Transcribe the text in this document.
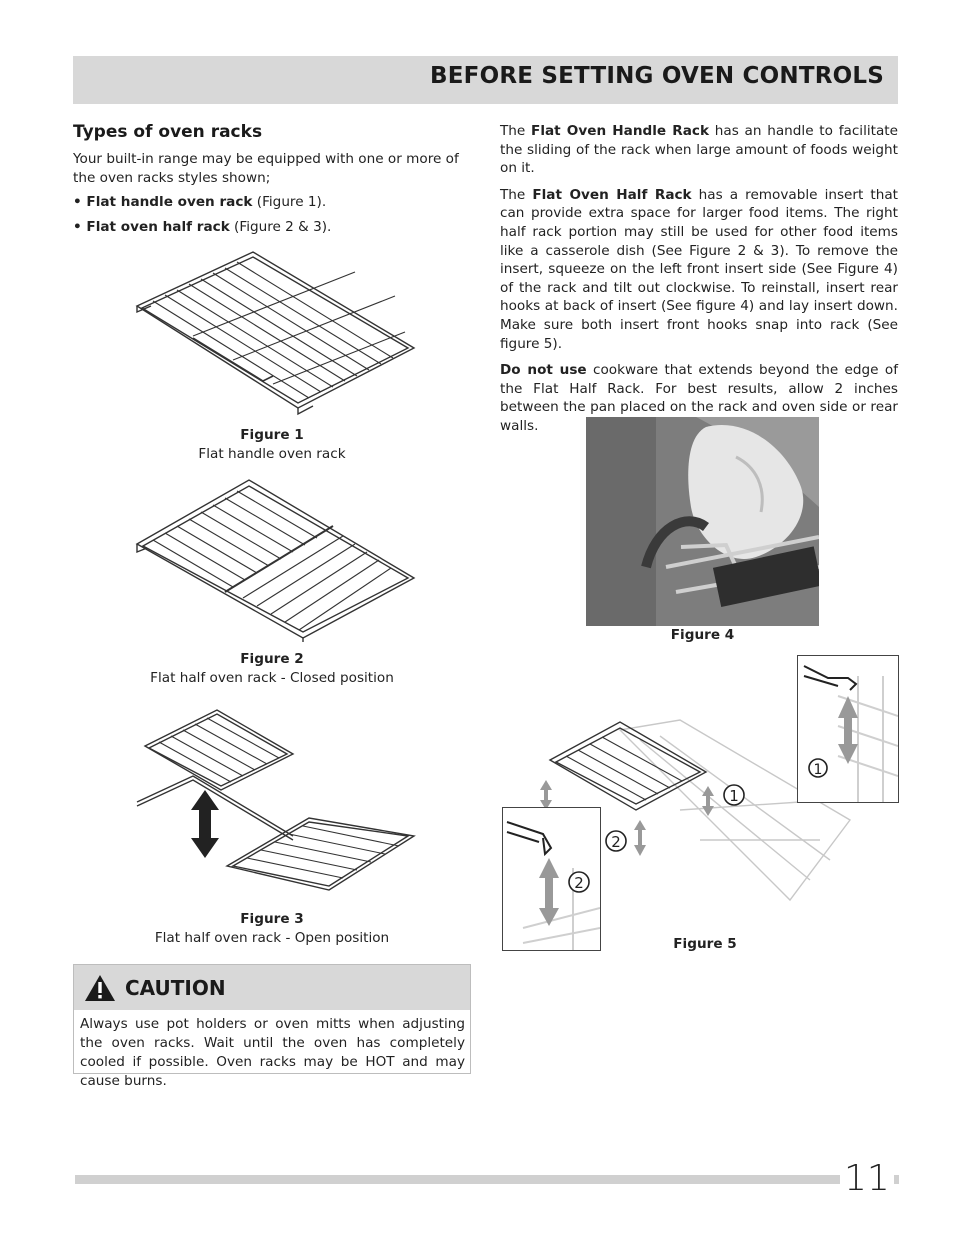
BEFORE SETTING OVEN CONTROLS
Types of oven racks

Your built-in range may be equipped with one or more of the oven racks styles shown;

• Flat handle oven rack (Figure 1).
• Flat oven half rack (Figure 2 & 3).
Figure 1
Flat handle oven rack
Figure 2
Flat half oven rack - Closed position
Figure 3
Flat half oven rack - Open position
CAUTION
Always use pot holders or oven mitts when adjusting the oven racks. Wait until the oven has completely cooled if possible. Oven racks may be HOT and may cause burns.

The Flat Oven Handle Rack has an handle to facilitate the sliding of the rack when large amount of foods weight on it.

The Flat Oven Half Rack has a removable insert that can provide extra space for larger food items. The right half rack portion may still be used for other food items like a casserole dish (See Figure 2 & 3). To remove the insert, squeeze on the left front insert side (See Figure 4) of the rack and tilt out clockwise. To reinstall, insert rear hooks at back of insert (See figure 4) and lay insert down. Make sure both insert front hooks snap into rack (See figure 5).

Do not use cookware that extends beyond the edge of the Flat Half Rack. For best results, allow 2 inches between the pan placed on the rack and oven side or rear walls.

Figure 4
1
2
1
2
Figure 5
11
